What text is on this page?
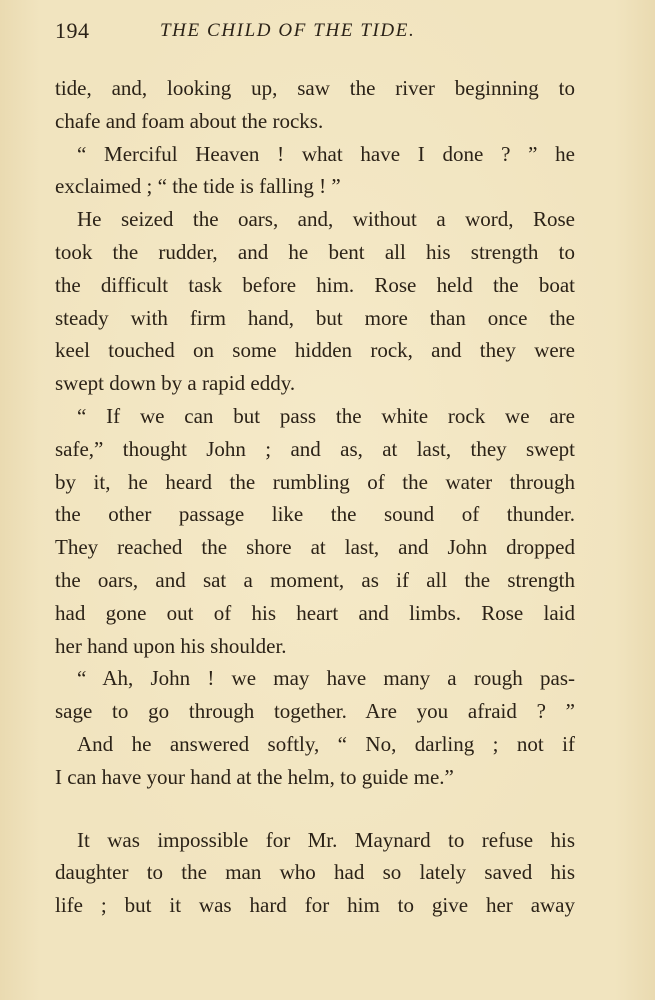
194	THE CHILD OF THE TIDE.
tide, and, looking up, saw the river beginning to
chafe and foam about the rocks.
“ Merciful Heaven ! what have I done ? ” he
exclaimed ; “ the tide is falling ! ”
He seized the oars, and, without a word, Rose
took the rudder, and he bent all his strength to
the difficult task before him. Rose held the boat
steady with firm hand, but more than once the
keel touched on some hidden rock, and they were
swept down by a rapid eddy.
“ If we can but pass the white rock we are
safe,” thought John ; and as, at last, they swept
by it, he heard the rumbling of the water through
the other passage like the sound of thunder.
They reached the shore at last, and John dropped
the oars, and sat a moment, as if all the strength
had gone out of his heart and limbs. Rose laid
her hand upon his shoulder.
“ Ah, John ! we may have many a rough pas-
sage to go through together. Are you afraid ? ”
And he answered softly, “ No, darling ; not if
I can have your hand at the helm, to guide me.”
It was impossible for Mr. Maynard to refuse his
daughter to the man who had so lately saved his
life ; but it was hard for him to give her away
